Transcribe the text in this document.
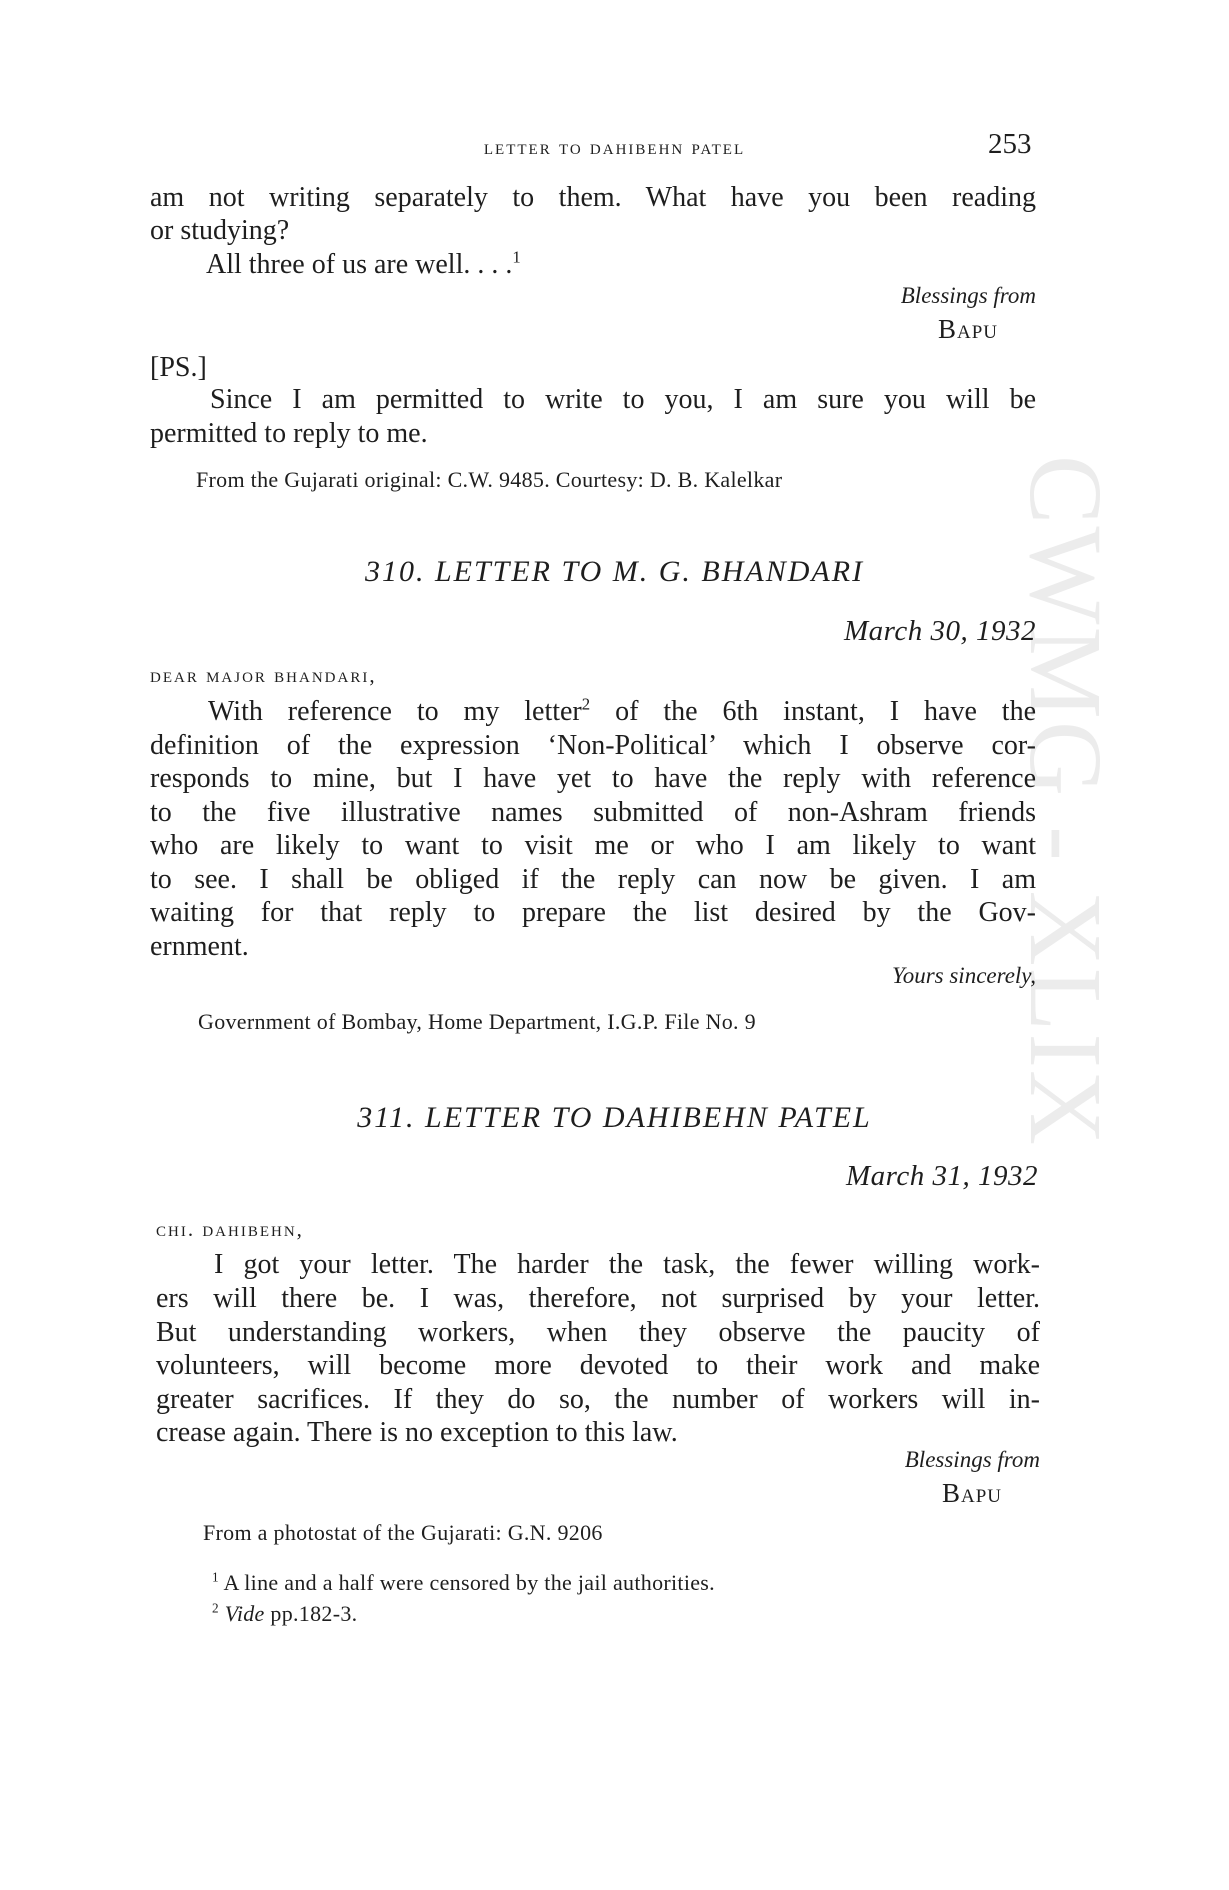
CWMG - XLIX
letter to dahibehn patel	253
am not writing separately to them. What have you been reading
or studying?
All three of us are well. . . .$^1$
Blessings from
Bapu
[PS.]
Since I am permitted to write to you, I am sure you will be
permitted to reply to me.
From the Gujarati original: C.W. 9485. Courtesy: D. B. Kalelkar
310. LETTER TO M. G. BHANDARI
March 30, 1932
dear major bhandari,
With reference to my letter$^2$ of the 6th instant, I have the
definition of the expression ‘Non-Political’ which I observe cor-
responds to mine, but I have yet to have the reply with reference
to the five illustrative names submitted of non-Ashram friends
who are likely to want to visit me or who I am likely to want
to see. I shall be obliged if the reply can now be given. I am
waiting for that reply to prepare the list desired by the Gov-
ernment.
Yours sincerely,
Government of Bombay, Home Department, I.G.P. File No. 9
311. LETTER TO DAHIBEHN PATEL
March 31, 1932
chi. dahibehn,
I got your letter. The harder the task, the fewer willing work-
ers will there be. I was, therefore, not surprised by your letter.
But understanding workers, when they observe the paucity of
volunteers, will become more devoted to their work and make
greater sacrifices. If they do so, the number of workers will in-
crease again. There is no exception to this law.
Blessings from
Bapu
From a photostat of the Gujarati: G.N. 9206
$^1$ A line and a half were censored by the jail authorities.
$^2$ Vide pp.182-3.
